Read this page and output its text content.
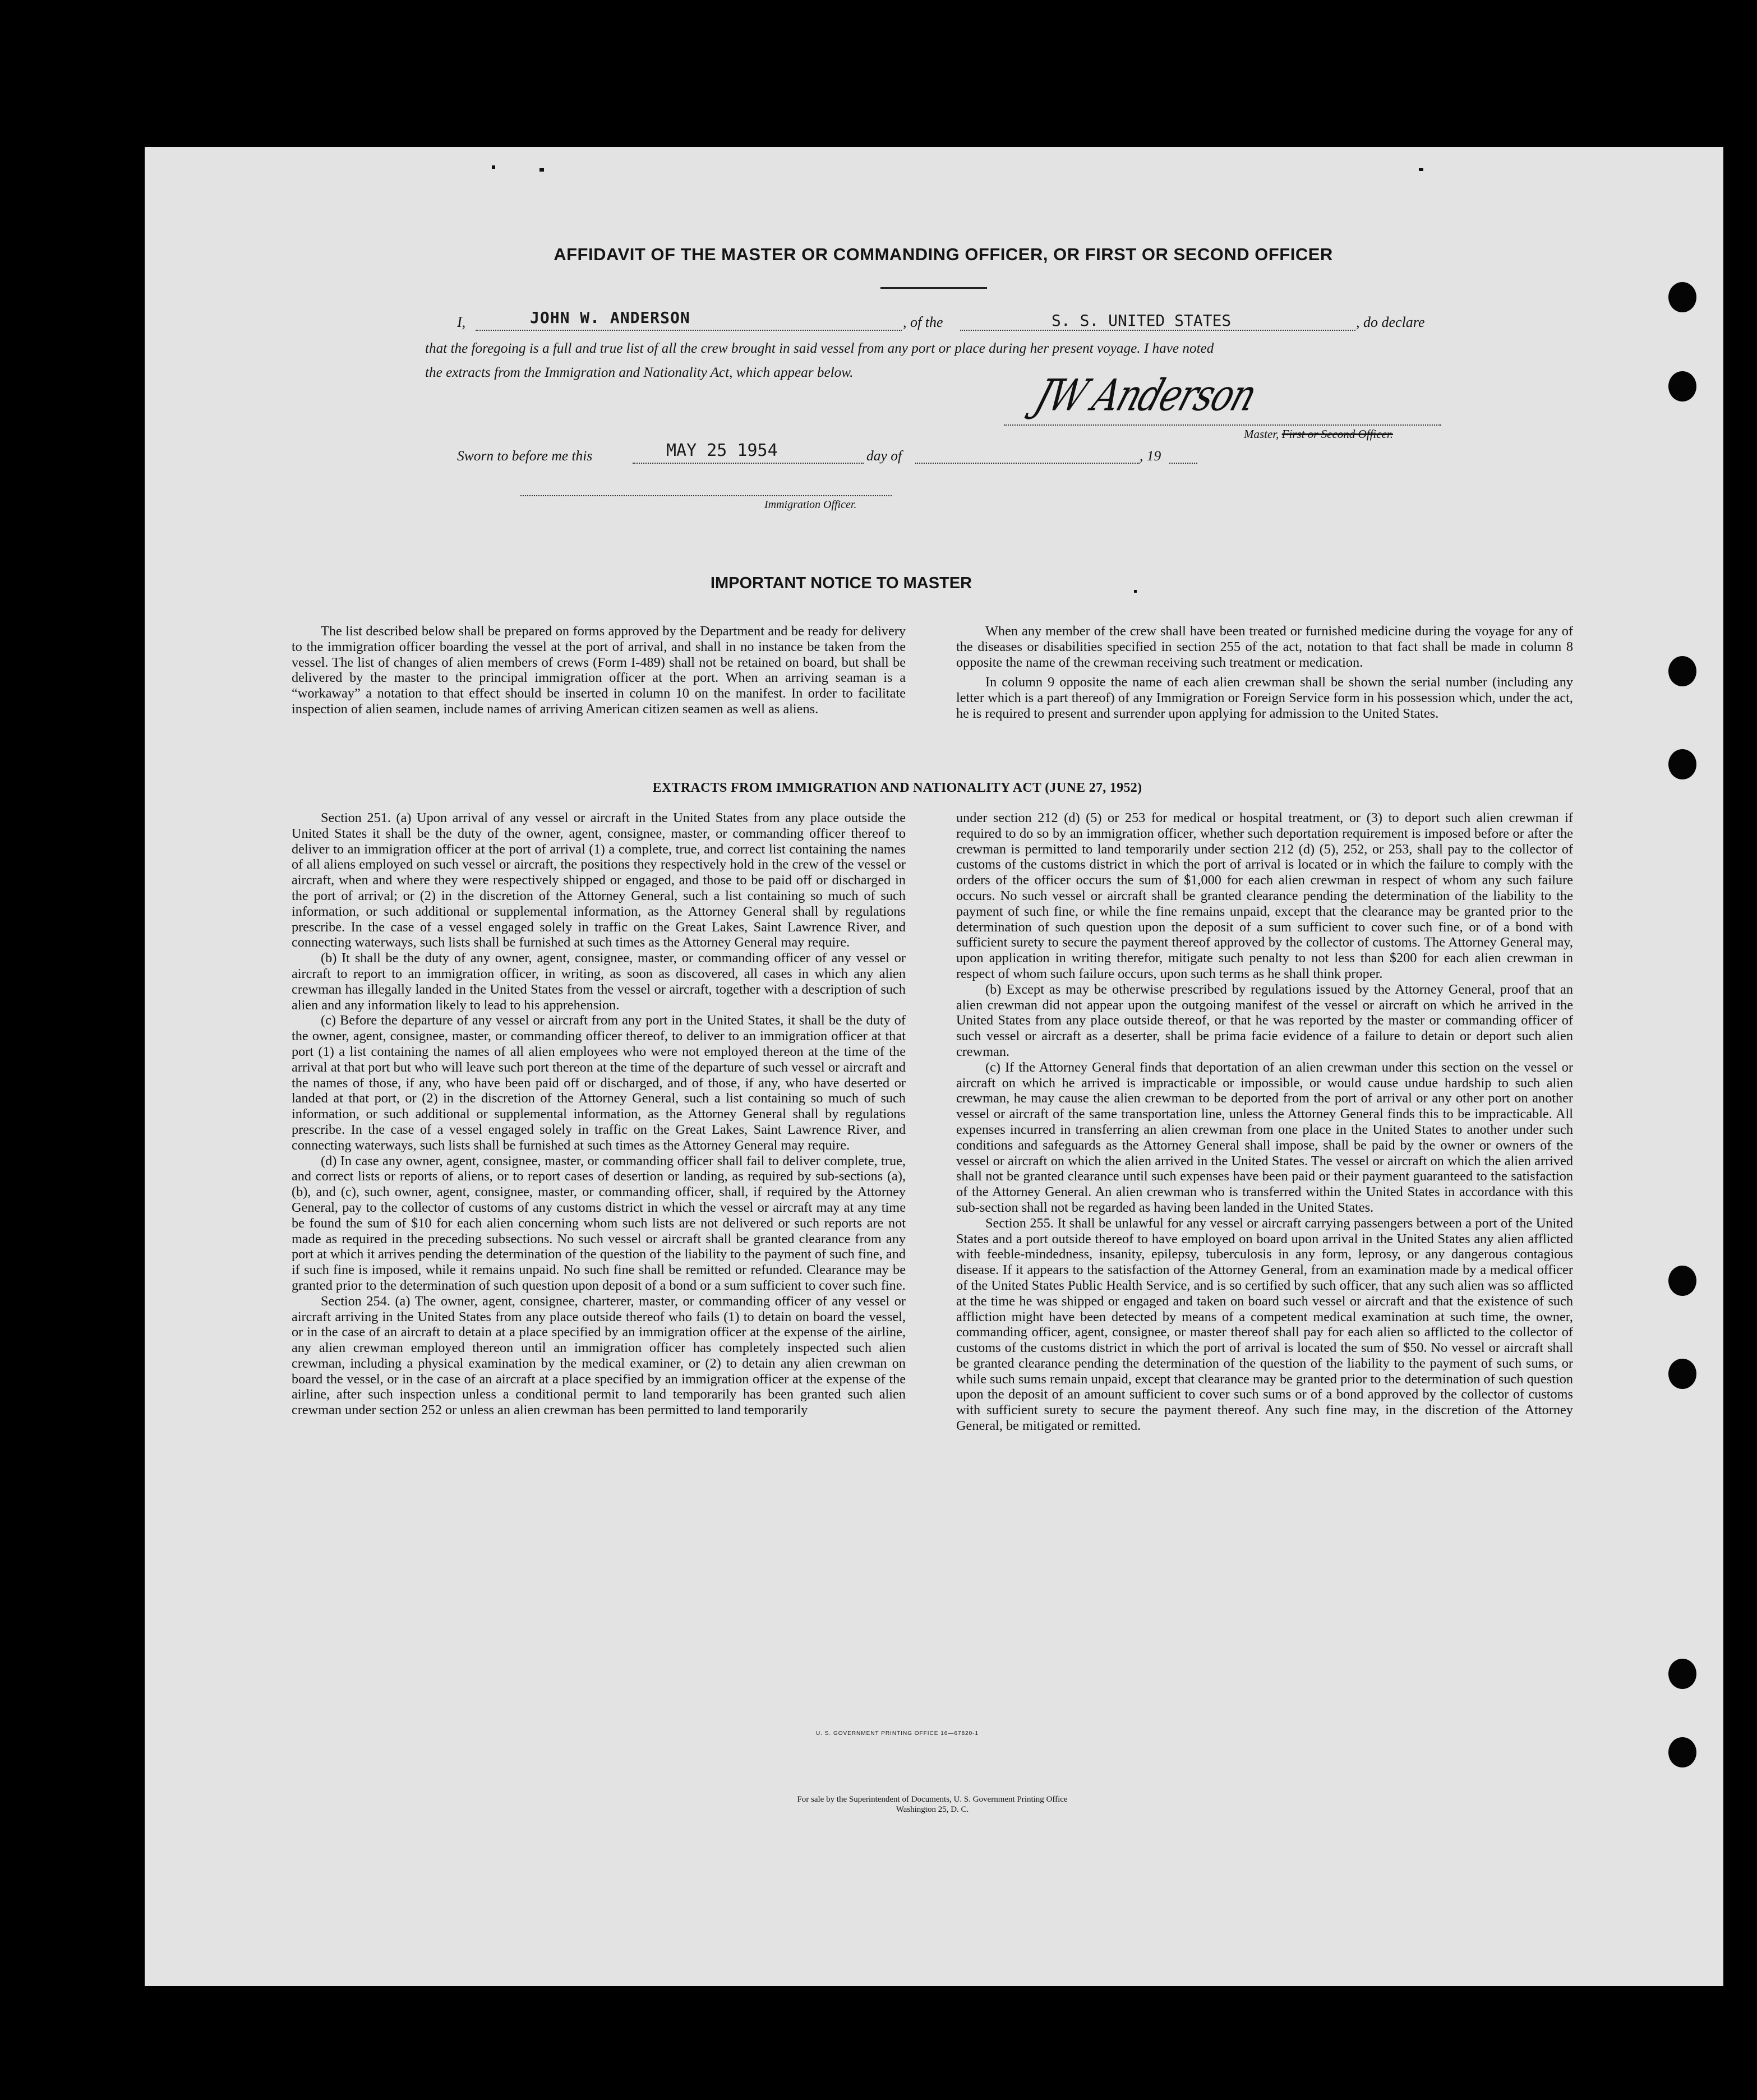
AFFIDAVIT OF THE MASTER OR COMMANDING OFFICER, OR FIRST OR SECOND OFFICER
I,	JOHN W. ANDERSON	, of the	S. S. UNITED STATES	, do declare
that the foregoing is a full and true list of all the crew brought in said vessel from any port or place during her present voyage. I have noted
the extracts from the Immigration and Nationality Act, which appear below.	JW Anderson
Master, First or Second Officer.
Sworn to before me this	MAY 25 1954	day of	, 19
Immigration Officer.
IMPORTANT NOTICE TO MASTER

The list described below shall be prepared on forms approved by the Department and be ready for delivery to the immigration officer boarding the vessel at the port of arrival, and shall in no instance be taken from the vessel. The list of changes of alien members of crews (Form I-489) shall not be retained on board, but shall be delivered by the master to the principal immigration officer at the port. When an arriving seaman is a “workaway” a notation to that effect should be inserted in column 10 on the manifest. In order to facilitate inspection of alien seamen, include names of arriving American citizen seamen as well as aliens.

When any member of the crew shall have been treated or furnished medicine during the voyage for any of the diseases or disabilities specified in section 255 of the act, notation to that fact shall be made in column 8 opposite the name of the crewman receiving such treatment or medication.

In column 9 opposite the name of each alien crewman shall be shown the serial number (including any letter which is a part thereof) of any Immigration or Foreign Service form in his possession which, under the act, he is required to present and surrender upon applying for admission to the United States.

EXTRACTS FROM IMMIGRATION AND NATIONALITY ACT (JUNE 27, 1952)

Section 251. (a) Upon arrival of any vessel or aircraft in the United States from any place outside the United States it shall be the duty of the owner, agent, consignee, master, or commanding officer thereof to deliver to an immigration officer at the port of arrival (1) a complete, true, and correct list containing the names of all aliens employed on such vessel or aircraft, the positions they respectively hold in the crew of the vessel or aircraft, when and where they were respectively shipped or engaged, and those to be paid off or discharged in the port of arrival; or (2) in the discretion of the Attorney General, such a list containing so much of such information, or such additional or supplemental information, as the Attorney General shall by regulations prescribe. In the case of a vessel engaged solely in traffic on the Great Lakes, Saint Lawrence River, and connecting waterways, such lists shall be furnished at such times as the Attorney General may require.

(b) It shall be the duty of any owner, agent, consignee, master, or commanding officer of any vessel or aircraft to report to an immigration officer, in writing, as soon as discovered, all cases in which any alien crewman has illegally landed in the United States from the vessel or aircraft, together with a description of such alien and any information likely to lead to his apprehension.

(c) Before the departure of any vessel or aircraft from any port in the United States, it shall be the duty of the owner, agent, consignee, master, or commanding officer thereof, to deliver to an immigration officer at that port (1) a list containing the names of all alien employees who were not employed thereon at the time of the arrival at that port but who will leave such port thereon at the time of the departure of such vessel or aircraft and the names of those, if any, who have been paid off or discharged, and of those, if any, who have deserted or landed at that port, or (2) in the discretion of the Attorney General, such a list containing so much of such information, or such additional or supplemental information, as the Attorney General shall by regulations prescribe. In the case of a vessel engaged solely in traffic on the Great Lakes, Saint Lawrence River, and connecting waterways, such lists shall be furnished at such times as the Attorney General may require.

(d) In case any owner, agent, consignee, master, or commanding officer shall fail to deliver complete, true, and correct lists or reports of aliens, or to report cases of desertion or landing, as required by sub-sections (a), (b), and (c), such owner, agent, consignee, master, or commanding officer, shall, if required by the Attorney General, pay to the collector of customs of any customs district in which the vessel or aircraft may at any time be found the sum of $10 for each alien concerning whom such lists are not delivered or such reports are not made as required in the preceding subsections. No such vessel or aircraft shall be granted clearance from any port at which it arrives pending the determination of the question of the liability to the payment of such fine, and if such fine is imposed, while it remains unpaid. No such fine shall be remitted or refunded. Clearance may be granted prior to the determination of such question upon deposit of a bond or a sum sufficient to cover such fine.

Section 254. (a) The owner, agent, consignee, charterer, master, or commanding officer of any vessel or aircraft arriving in the United States from any place outside thereof who fails (1) to detain on board the vessel, or in the case of an aircraft to detain at a place specified by an immigration officer at the expense of the airline, any alien crewman employed thereon until an immigration officer has completely inspected such alien crewman, including a physical examination by the medical examiner, or (2) to detain any alien crewman on board the vessel, or in the case of an aircraft at a place specified by an immigration officer at the expense of the airline, after such inspection unless a conditional permit to land temporarily has been granted such alien crewman under section 252 or unless an alien crewman has been permitted to land temporarily

under section 212 (d) (5) or 253 for medical or hospital treatment, or (3) to deport such alien crewman if required to do so by an immigration officer, whether such deportation requirement is imposed before or after the crewman is permitted to land temporarily under section 212 (d) (5), 252, or 253, shall pay to the collector of customs of the customs district in which the port of arrival is located or in which the failure to comply with the orders of the officer occurs the sum of $1,000 for each alien crewman in respect of whom any such failure occurs. No such vessel or aircraft shall be granted clearance pending the determination of the liability to the payment of such fine, or while the fine remains unpaid, except that the clearance may be granted prior to the determination of such question upon the deposit of a sum sufficient to cover such fine, or of a bond with sufficient surety to secure the payment thereof approved by the collector of customs. The Attorney General may, upon application in writing therefor, mitigate such penalty to not less than $200 for each alien crewman in respect of whom such failure occurs, upon such terms as he shall think proper.

(b) Except as may be otherwise prescribed by regulations issued by the Attorney General, proof that an alien crewman did not appear upon the outgoing manifest of the vessel or aircraft on which he arrived in the United States from any place outside thereof, or that he was reported by the master or commanding officer of such vessel or aircraft as a deserter, shall be prima facie evidence of a failure to detain or deport such alien crewman.

(c) If the Attorney General finds that deportation of an alien crewman under this section on the vessel or aircraft on which he arrived is impracticable or impossible, or would cause undue hardship to such alien crewman, he may cause the alien crewman to be deported from the port of arrival or any other port on another vessel or aircraft of the same transportation line, unless the Attorney General finds this to be impracticable. All expenses incurred in transferring an alien crewman from one place in the United States to another under such conditions and safeguards as the Attorney General shall impose, shall be paid by the owner or owners of the vessel or aircraft on which the alien arrived in the United States. The vessel or aircraft on which the alien arrived shall not be granted clearance until such expenses have been paid or their payment guaranteed to the satisfaction of the Attorney General. An alien crewman who is transferred within the United States in accordance with this sub-section shall not be regarded as having been landed in the United States.

Section 255. It shall be unlawful for any vessel or aircraft carrying passengers between a port of the United States and a port outside thereof to have employed on board upon arrival in the United States any alien afflicted with feeble-mindedness, insanity, epilepsy, tuberculosis in any form, leprosy, or any dangerous contagious disease. If it appears to the satisfaction of the Attorney General, from an examination made by a medical officer of the United States Public Health Service, and is so certified by such officer, that any such alien was so afflicted at the time he was shipped or engaged and taken on board such vessel or aircraft and that the existence of such affliction might have been detected by means of a competent medical examination at such time, the owner, commanding officer, agent, consignee, or master thereof shall pay for each alien so afflicted to the collector of customs of the customs district in which the port of arrival is located the sum of $50. No vessel or aircraft shall be granted clearance pending the determination of the question of the liability to the payment of such sums, or while such sums remain unpaid, except that clearance may be granted prior to the determination of such question upon the deposit of an amount sufficient to cover such sums or of a bond approved by the collector of customs with sufficient surety to secure the payment thereof. Any such fine may, in the discretion of the Attorney General, be mitigated or remitted.

U. S. GOVERNMENT PRINTING OFFICE 16—67820-1
For sale by the Superintendent of Documents, U. S. Government Printing Office
Washington 25, D. C.
